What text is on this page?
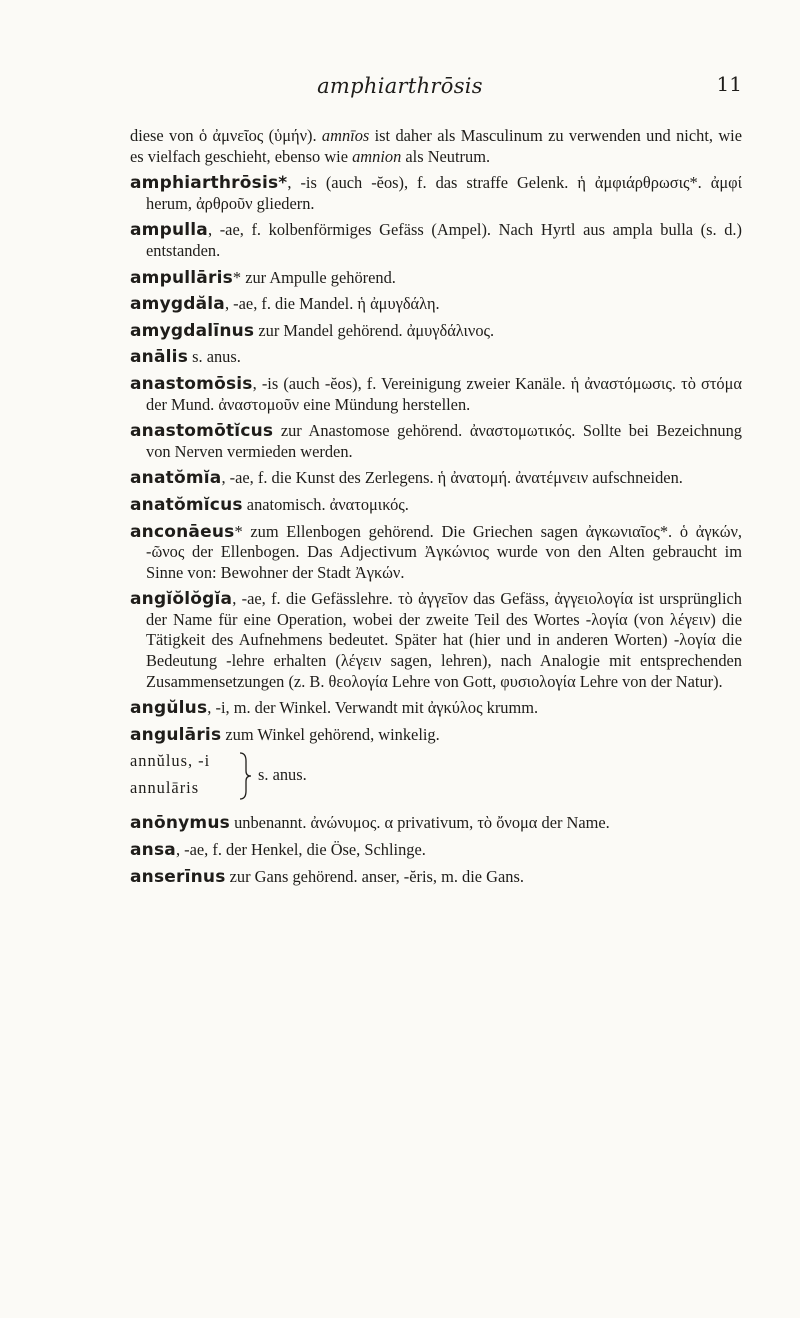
amphiarthrōsis	11

diese von ὁ ἀμνεῖος (ὑμήν). amnīos ist daher als Masculinum zu verwenden und nicht, wie es vielfach geschieht, ebenso wie amnion als Neutrum.

amphiarthrōsis*, -is (auch -ĕos), f. das straffe Gelenk. ἡ ἀμφιάρθρωσις*. ἀμφί herum, ἀρθροῦν gliedern.

ampulla, -ae, f. kolbenförmiges Gefäss (Ampel). Nach Hyrtl aus ampla bulla (s. d.) entstanden.

ampullāris* zur Ampulle gehörend.

amygdăla, -ae, f. die Mandel. ἡ ἀμυγδάλη.

amygdalīnus zur Mandel gehörend. ἀμυγδάλινος.

anālis s. anus.

anastomōsis, -is (auch -ĕos), f. Vereinigung zweier Kanäle. ἡ ἀναστόμωσις. τὸ στόμα der Mund. ἀναστομοῦν eine Mündung herstellen.

anastomōtĭcus zur Anastomose gehörend. ἀναστομωτικός. Sollte bei Bezeichnung von Nerven vermieden werden.

anatŏmĭa, -ae, f. die Kunst des Zerlegens. ἡ ἀνατομή. ἀνατέμνειν aufschneiden.

anatŏmĭcus anatomisch. ἀνατομικός.

anconāeus* zum Ellenbogen gehörend. Die Griechen sagen ἀγκωνιαῖος*. ὁ ἀγκών, -ῶνος der Ellenbogen. Das Adjectivum Ἀγκώνιος wurde von den Alten gebraucht im Sinne von: Bewohner der Stadt Ἀγκών.

angĭŏlŏgĭa, -ae, f. die Gefässlehre. τὸ ἀγγεῖον das Gefäss, ἀγγειολογία ist ursprünglich der Name für eine Operation, wobei der zweite Teil des Wortes -λογία (von λέγειν) die Tätigkeit des Aufnehmens bedeutet. Später hat (hier und in anderen Worten) -λογία die Bedeutung -lehre erhalten (λέγειν sagen, lehren), nach Analogie mit entsprechenden Zusammensetzungen (z. B. θεολογία Lehre von Gott, φυσιολογία Lehre von der Natur).

angŭlus, -i, m. der Winkel. Verwandt mit ἀγκύλος krumm.

angulāris zum Winkel gehörend, winkelig.

annŭlus, -i
annulāris
s. anus.

anōnymus unbenannt. ἀνώνυμος. α privativum, τὸ ὄνομα der Name.

ansa, -ae, f. der Henkel, die Öse, Schlinge.

anserīnus zur Gans gehörend. anser, -ĕris, m. die Gans.
